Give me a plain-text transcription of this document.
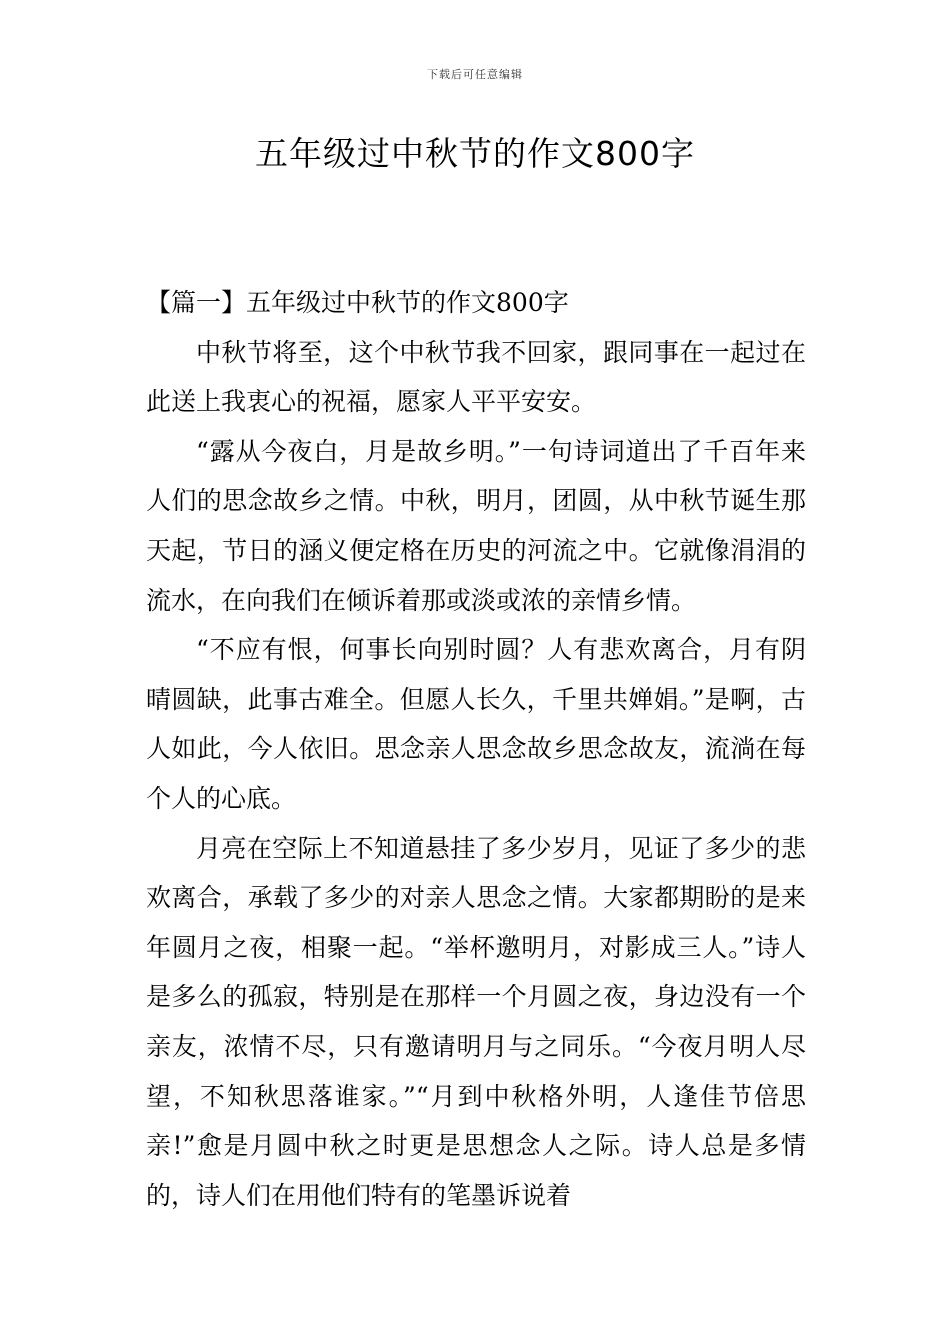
下载后可任意编辑
五年级过中秋节的作文800字

【篇一】五年级过中秋节的作文800字

中秋节将至，这个中秋节我不回家，跟同事在一起过在此送上我衷心的祝福，愿家人平平安安。

“露从今夜白，月是故乡明。”一句诗词道出了千百年来人们的思念故乡之情。中秋，明月，团圆，从中秋节诞生那天起，节日的涵义便定格在历史的河流之中。它就像涓涓的流水，在向我们在倾诉着那或淡或浓的亲情乡情。

“不应有恨，何事长向别时圆？人有悲欢离合，月有阴晴圆缺，此事古难全。但愿人长久，千里共婵娟。”是啊，古人如此，今人依旧。思念亲人思念故乡思念故友，流淌在每个人的心底。

月亮在空际上不知道悬挂了多少岁月，见证了多少的悲欢离合，承载了多少的对亲人思念之情。大家都期盼的是来年圆月之夜，相聚一起。“举杯邀明月，对影成三人。”诗人是多么的孤寂，特别是在那样一个月圆之夜，身边没有一个亲友，浓情不尽，只有邀请明月与之同乐。“今夜月明人尽望，不知秋思落谁家。”“月到中秋格外明，人逢佳节倍思亲!”愈是月圆中秋之时更是思想念人之际。诗人总是多情的，诗人们在用他们特有的笔墨诉说着
